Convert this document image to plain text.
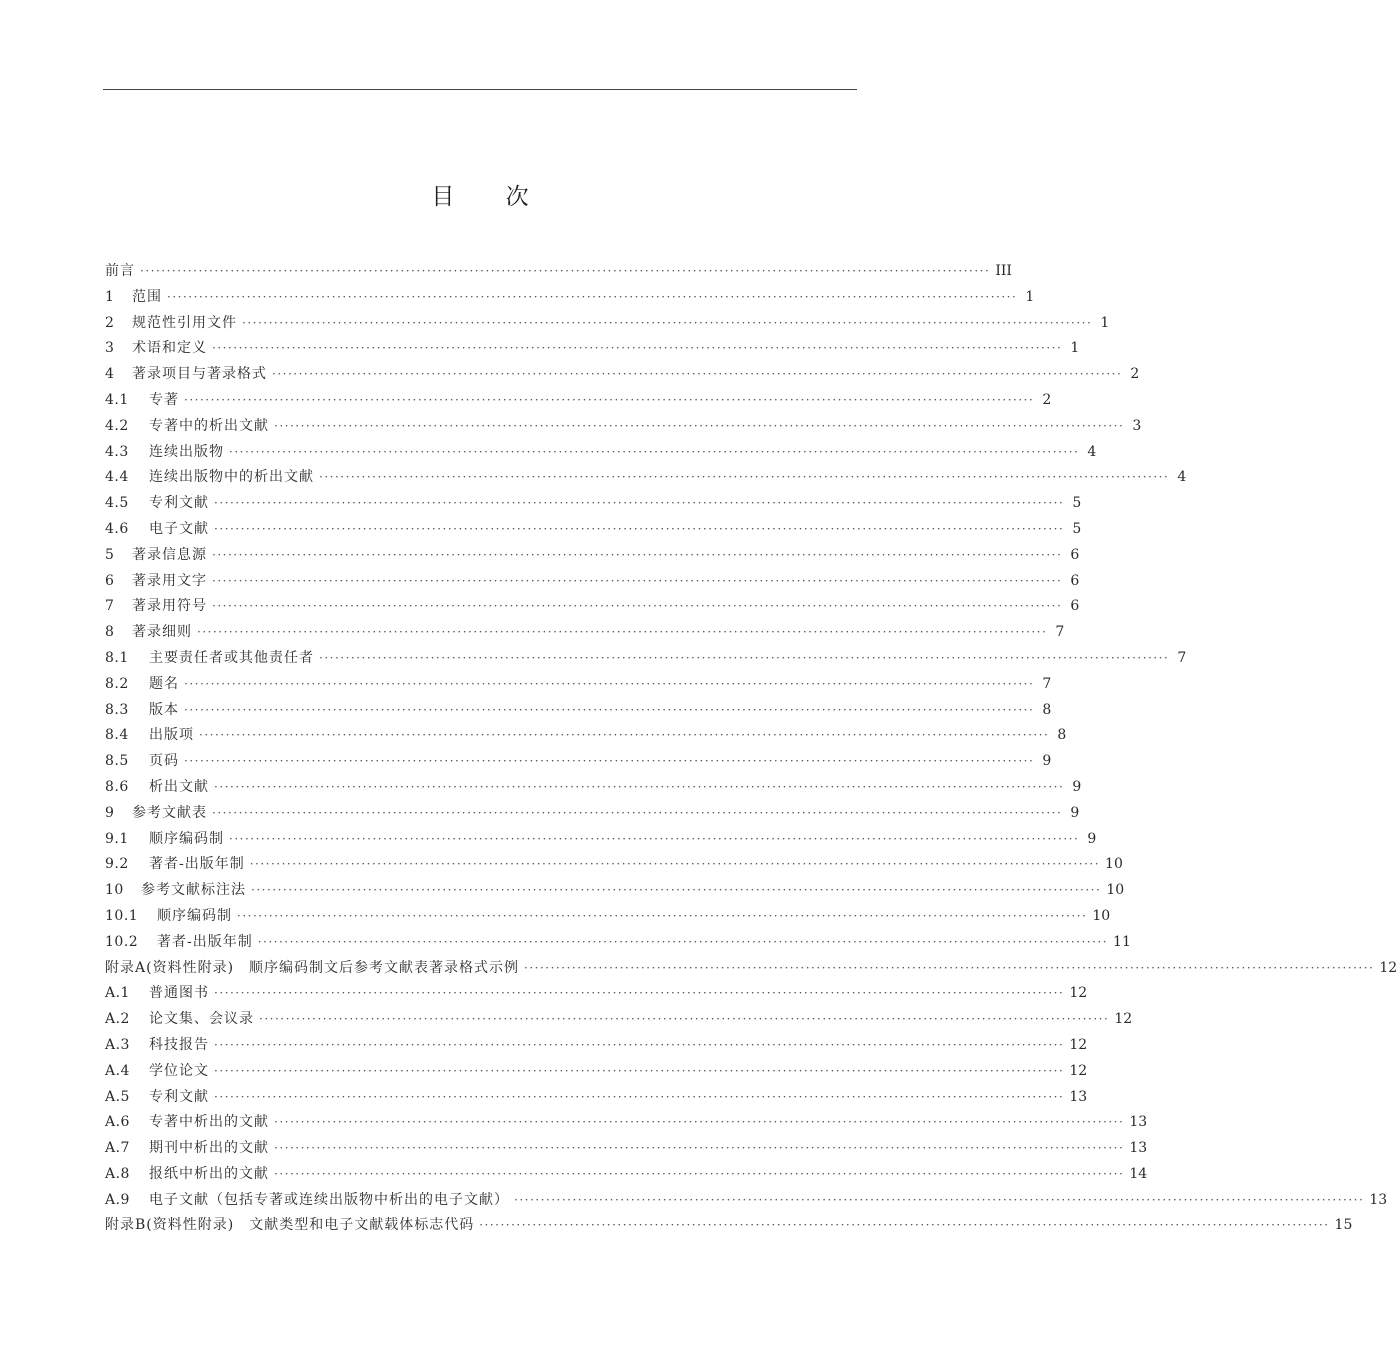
目 次
前言 ································································································································································ III
1	范围 ································································································································································ 1
2	规范性引用文件 ································································································································································ 1
3	术语和定义 ································································································································································ 1
4	著录项目与著录格式 ································································································································································ 2
4.1	专著 ································································································································································ 2
4.2	专著中的析出文献 ································································································································································ 3
4.3	连续出版物 ································································································································································ 4
4.4	连续出版物中的析出文献 ································································································································································ 4
4.5	专利文献 ································································································································································ 5
4.6	电子文献 ································································································································································ 5
5	著录信息源 ································································································································································ 6
6	著录用文字 ································································································································································ 6
7	著录用符号 ································································································································································ 6
8	著录细则 ································································································································································ 7
8.1	主要责任者或其他责任者 ································································································································································ 7
8.2	题名 ································································································································································ 7
8.3	版本 ································································································································································ 8
8.4	出版项 ································································································································································ 8
8.5	页码 ································································································································································ 9
8.6	析出文献 ································································································································································ 9
9	参考文献表 ································································································································································ 9
9.1	顺序编码制 ································································································································································ 9
9.2	著者-出版年制 ································································································································································ 10
10	参考文献标注法 ································································································································································ 10
10.1	顺序编码制 ································································································································································ 10
10.2	著者-出版年制 ································································································································································ 11
附录A(资料性附录)　顺序编码制文后参考文献表著录格式示例 ································································································································································ 12
A.1	普通图书 ································································································································································ 12
A.2	论文集、会议录 ································································································································································ 12
A.3	科技报告 ································································································································································ 12
A.4	学位论文 ································································································································································ 12
A.5	专利文献 ································································································································································ 13
A.6	专著中析出的文献 ································································································································································ 13
A.7	期刊中析出的文献 ································································································································································ 13
A.8	报纸中析出的文献 ································································································································································ 14
A.9	电子文献（包括专著或连续出版物中析出的电子文献） ································································································································································ 13
附录B(资料性附录)　文献类型和电子文献载体标志代码 ································································································································································ 15
